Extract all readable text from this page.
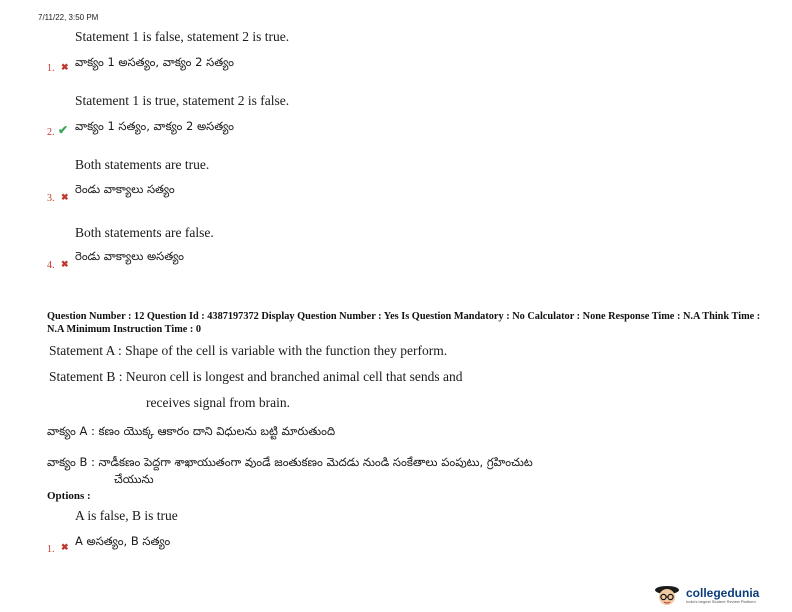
7/11/22, 3:50 PM
Statement 1 is false, statement 2 is true.
1. ✖ వాక్యం 1 అసత్యం, వాక్యం 2 సత్యం
Statement 1 is true, statement 2 is false.
2. ✔ వాక్యం 1 సత్యం, వాక్యం 2 అసత్యం
Both statements are true.
3. ✖
రెండు వాక్యాలు సత్యం
Both statements are false.
4. ✖
రెండు వాక్యాలు అసత్యం
Question Number : 12 Question Id : 4387197372 Display Question Number : Yes Is Question Mandatory : No Calculator : None Response Time : N.A Think Time : N.A Minimum Instruction Time : 0
Statement A : Shape of the cell is variable with the function they perform.
Statement B : Neuron cell is longest and branched animal cell that sends and
receives signal from brain.
వాక్యం A : కణం యొక్క ఆకారం దాని విధులను బట్టి మారుతుంది
వాక్యం B : నాడీకణం పెద్దగా శాఖాయుతంగా వుండే జంతుకణం మెదడు నుండి సంకేతాలు పంపుటు, గ్రహించుట
చేయును
Options :
A is false, B is true
1. ✖ A అసత్యం, B సత్యం
collegedunia
India's largest Student Review Platform
